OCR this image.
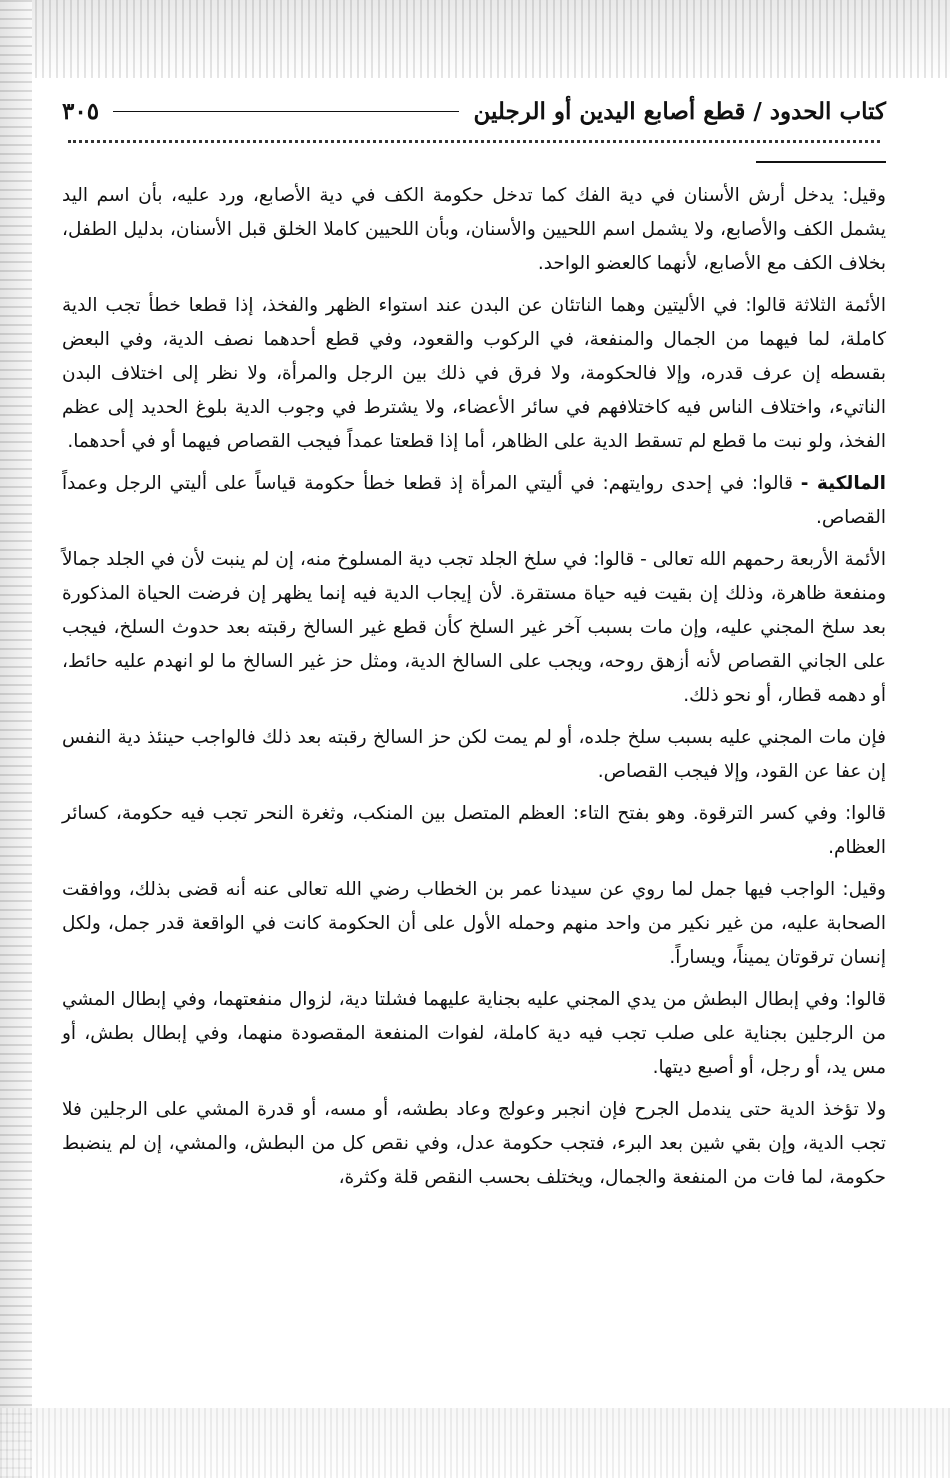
كتاب الحدود / قطع أصابع اليدين أو الرجلين
٣٠٥

وقيل: يدخل أرش الأسنان في دية الفك كما تدخل حكومة الكف في دية الأصابع، ورد عليه، بأن اسم اليد يشمل الكف والأصابع، ولا يشمل اسم اللحيين والأسنان، وبأن اللحيين كاملا الخلق قبل الأسنان، بدليل الطفل، بخلاف الكف مع الأصابع، لأنهما كالعضو الواحد.

الأئمة الثلاثة قالوا: في الأليتين وهما الناتئان عن البدن عند استواء الظهر والفخذ، إذا قطعا خطأ تجب الدية كاملة، لما فيهما من الجمال والمنفعة، في الركوب والقعود، وفي قطع أحدهما نصف الدية، وفي البعض بقسطه إن عرف قدره، وإلا فالحكومة، ولا فرق في ذلك بين الرجل والمرأة، ولا نظر إلى اختلاف البدن الناتيء، واختلاف الناس فيه كاختلافهم في سائر الأعضاء، ولا يشترط في وجوب الدية بلوغ الحديد إلى عظم الفخذ، ولو نبت ما قطع لم تسقط الدية على الظاهر، أما إذا قطعتا عمداً فيجب القصاص فيهما أو في أحدهما.

المالكية - قالوا: في إحدى روايتهم: في أليتي المرأة إذ قطعا خطأ حكومة قياساً على أليتي الرجل وعمداً القصاص.

الأئمة الأربعة رحمهم الله تعالى - قالوا: في سلخ الجلد تجب دية المسلوخ منه، إن لم ينبت لأن في الجلد جمالاً ومنفعة ظاهرة، وذلك إن بقيت فيه حياة مستقرة. لأن إيجاب الدية فيه إنما يظهر إن فرضت الحياة المذكورة بعد سلخ المجني عليه، وإن مات بسبب آخر غير السلخ كأن قطع غير السالخ رقبته بعد حدوث السلخ، فيجب على الجاني القصاص لأنه أزهق روحه، ويجب على السالخ الدية، ومثل حز غير السالخ ما لو انهدم عليه حائط، أو دهمه قطار، أو نحو ذلك.

فإن مات المجني عليه بسبب سلخ جلده، أو لم يمت لكن حز السالخ رقبته بعد ذلك فالواجب حينئذ دية النفس إن عفا عن القود، وإلا فيجب القصاص.

قالوا: وفي كسر الترقوة. وهو بفتح التاء: العظم المتصل بين المنكب، وثغرة النحر تجب فيه حكومة، كسائر العظام.

وقيل: الواجب فيها جمل لما روي عن سيدنا عمر بن الخطاب رضي الله تعالى عنه أنه قضى بذلك، ووافقت الصحابة عليه، من غير نكير من واحد منهم وحمله الأول على أن الحكومة كانت في الواقعة قدر جمل، ولكل إنسان ترقوتان يميناً، ويساراً.

قالوا: وفي إبطال البطش من يدي المجني عليه بجناية عليهما فشلتا دية، لزوال منفعتهما، وفي إبطال المشي من الرجلين بجناية على صلب تجب فيه دية كاملة، لفوات المنفعة المقصودة منهما، وفي إبطال بطش، أو مس يد، أو رجل، أو أصبع ديتها.

ولا تؤخذ الدية حتى يندمل الجرح فإن انجبر وعولج وعاد بطشه، أو مسه، أو قدرة المشي على الرجلين فلا تجب الدية، وإن بقي شين بعد البرء، فتجب حكومة عدل، وفي نقص كل من البطش، والمشي، إن لم ينضبط حكومة، لما فات من المنفعة والجمال، ويختلف بحسب النقص قلة وكثرة،
